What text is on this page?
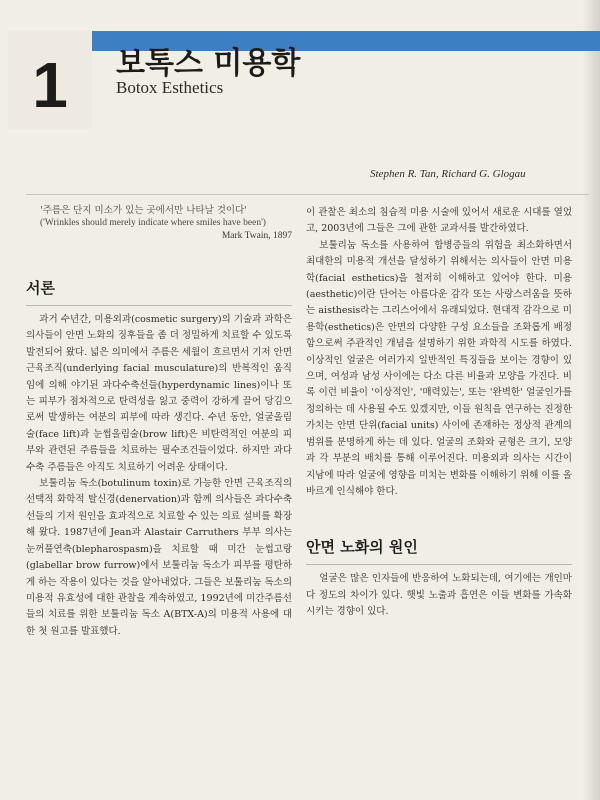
1	보톡스 미용학
Botox Esthetics
Stephen R. Tan, Richard G. Glogau

'주름은 단지 미소가 있는 곳에서만 나타날 것이다'

('Wrinkles should merely indicate where smiles have been')

Mark Twain, 1897

서론

과거 수년간, 미용외과(cosmetic surgery)의 기술과 과학은 의사들이 안면 노화의 징후들을 좀 더 정밀하게 치료할 수 있도록 발전되어 왔다. 넓은 의미에서 주름은 세월이 흐르면서 기저 안면 근육조직(underlying facial musculature)의 반복적인 움직임에 의해 야기된 과다수축선들(hyperdynamic lines)이나 또는 피부가 점차적으로 탄력성을 잃고 중력이 강하게 끌어 당김으로써 발생하는 여분의 피부에 따라 생긴다. 수년 동안, 얼굴올림술(face lift)과 눈썹올림술(brow lift)은 비탄력적인 여분의 피부와 관련된 주름들을 치료하는 필수조건들이었다. 하지만 과다수축 주름들은 아직도 치료하기 어려운 상태이다.

보툴리눔 독소(botulinum toxin)로 가능한 안면 근육조직의 선택적 화학적 탈신경(denervation)과 함께 의사들은 과다수축선들의 기저 원인을 효과적으로 치료할 수 있는 의료 설비를 확장해 왔다. 1987년에 Jean과 Alastair Carruthers 부부 의사는 눈꺼풀연축(blepharospasm)을 치료할 때 미간 눈썹고랑(glabellar brow furrow)에서 보툴리눔 독소가 피부를 평탄하게 하는 작용이 있다는 것을 알아내었다. 그들은 보툴리눔 독소의 미용적 유효성에 대한 관찰을 계속하였고, 1992년에 미간주름선들의 치료를 위한 보툴리눔 독소 A(BTX-A)의 미용적 사용에 대한 첫 원고를 발표했다.

이 관찰은 최소의 침습적 미용 시술에 있어서 새로운 시대를 열었고, 2003년에 그들은 그에 관한 교과서를 발간하였다.

보툴리눔 독소를 사용하여 합병증들의 위험을 최소화하면서 최대한의 미용적 개선을 달성하기 위해서는 의사들이 안면 미용학(facial esthetics)을 철저히 이해하고 있어야 한다. 미용(aesthetic)이란 단어는 아름다운 감각 또는 사랑스러움을 뜻하는 aisthesis라는 그리스어에서 유래되었다. 현대적 감각으로 미용학(esthetics)은 안면의 다양한 구성 요소들을 조화롭게 배정함으로써 주관적인 개념을 설명하기 위한 과학적 시도를 하였다. 이상적인 얼굴은 여러가지 일반적인 특징들을 보이는 경향이 있으며, 여성과 남성 사이에는 다소 다른 비율과 모양을 가진다. 비록 이런 비율이 '이상적인', '매력있는', 또는 '완벽한' 얼굴인가를 정의하는 데 사용될 수도 있겠지만, 이들 원칙을 연구하는 진정한 가치는 안면 단위(facial units) 사이에 존재하는 정상적 관계의 범위를 분명하게 하는 데 있다. 얼굴의 조화와 균형은 크기, 모양과 각 부분의 배치를 통해 이루어진다. 미용외과 의사는 시간이 지남에 따라 얼굴에 영향을 미치는 변화를 이해하기 위해 이를 올바르게 인식해야 한다.

안면 노화의 원인

얼굴은 많은 인자들에 반응하여 노화되는데, 여기에는 개인마다 정도의 차이가 있다. 햇빛 노출과 흡연은 이들 변화를 가속화시키는 경향이 있다.
